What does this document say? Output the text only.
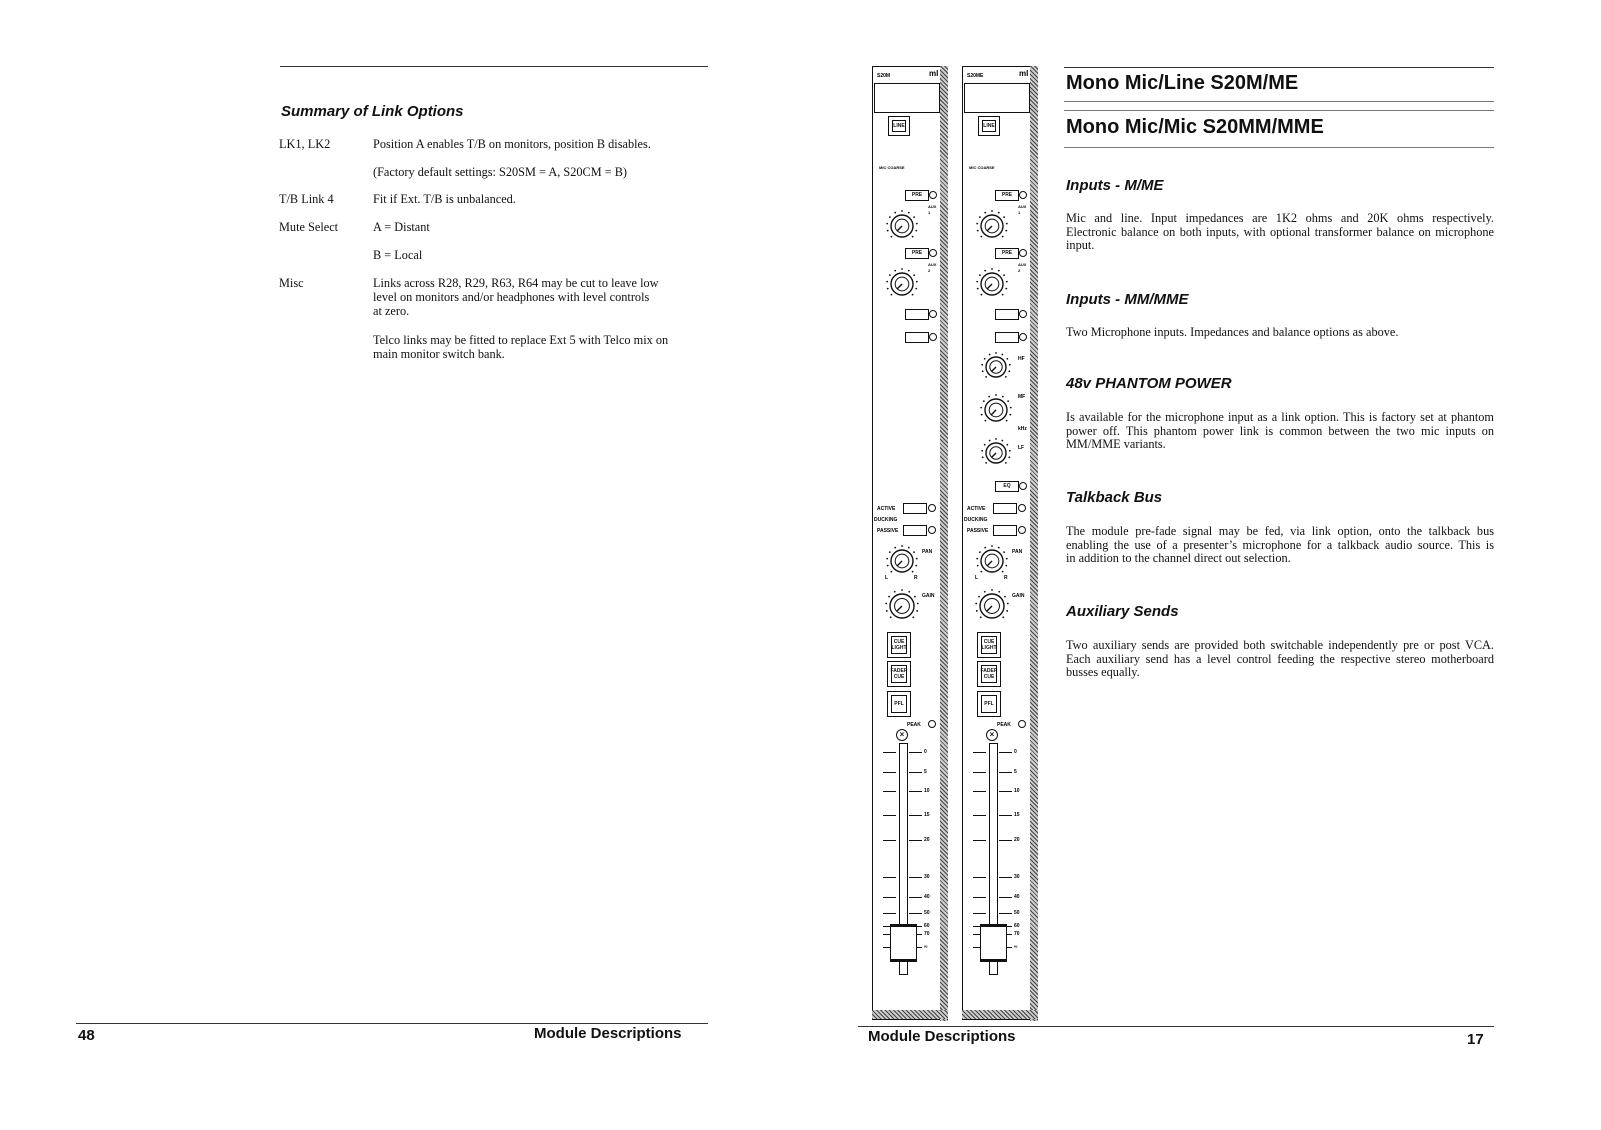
Summary of Link Options
LK1, LK2	Position A enables T/B on monitors, position B disables.
(Factory default settings: S20SM = A, S20CM = B)
T/B Link 4	Fit if Ext. T/B is unbalanced.
Mute Select	A = Distant
B = Local
Misc	Links across R28, R29, R63, R64 may be cut to leave low
level on monitors and/or headphones with level controls
at zero.
Telco links may be fitted to replace Ext 5 with Telco mix on
main monitor switch bank.
48	Module Descriptions
S20M	ml
LINE
MIC COARSE
PRE
AUX 1
PRE
AUX 2
ACTIVE
DUCKING
PASSIVE
PAN
L	R
GAIN
CUE LIGHT
FADER CUE
PFL
PEAK
×
0
5
10
15
20
30
40
50
60
70
∞
S20ME	ml
LINE
MIC COARSE
PRE
AUX 1
PRE
AUX 2
HF
MF
kHz
LF
EQ
ACTIVE
DUCKING
PASSIVE
PAN
L	R
GAIN
CUE LIGHT
FADER CUE
PFL
PEAK
×
0
5
10
15
20
30
40
50
60
70
∞
Mono Mic/Line S20M/ME
Mono Mic/Mic S20MM/MME
Inputs - M/ME
Mic and line. Input impedances are 1K2 ohms and 20K ohms respectively.
Electronic balance on both inputs, with optional transformer balance on microphone
input.
Inputs - MM/MME
Two Microphone inputs. Impedances and balance options as above.
48v PHANTOM POWER
Is available for the microphone input as a link option. This is factory set at phantom
power off. This phantom power link is common between the two mic inputs on
MM/MME variants.
Talkback Bus
The module pre-fade signal may be fed, via link option, onto the talkback bus
enabling the use of a presenter’s microphone for a talkback audio source. This is
in addition to the channel direct out selection.
Auxiliary Sends
Two auxiliary sends are provided both switchable independently pre or post VCA.
Each auxiliary send has a level control feeding the respective stereo motherboard
busses equally.
Module Descriptions	17
